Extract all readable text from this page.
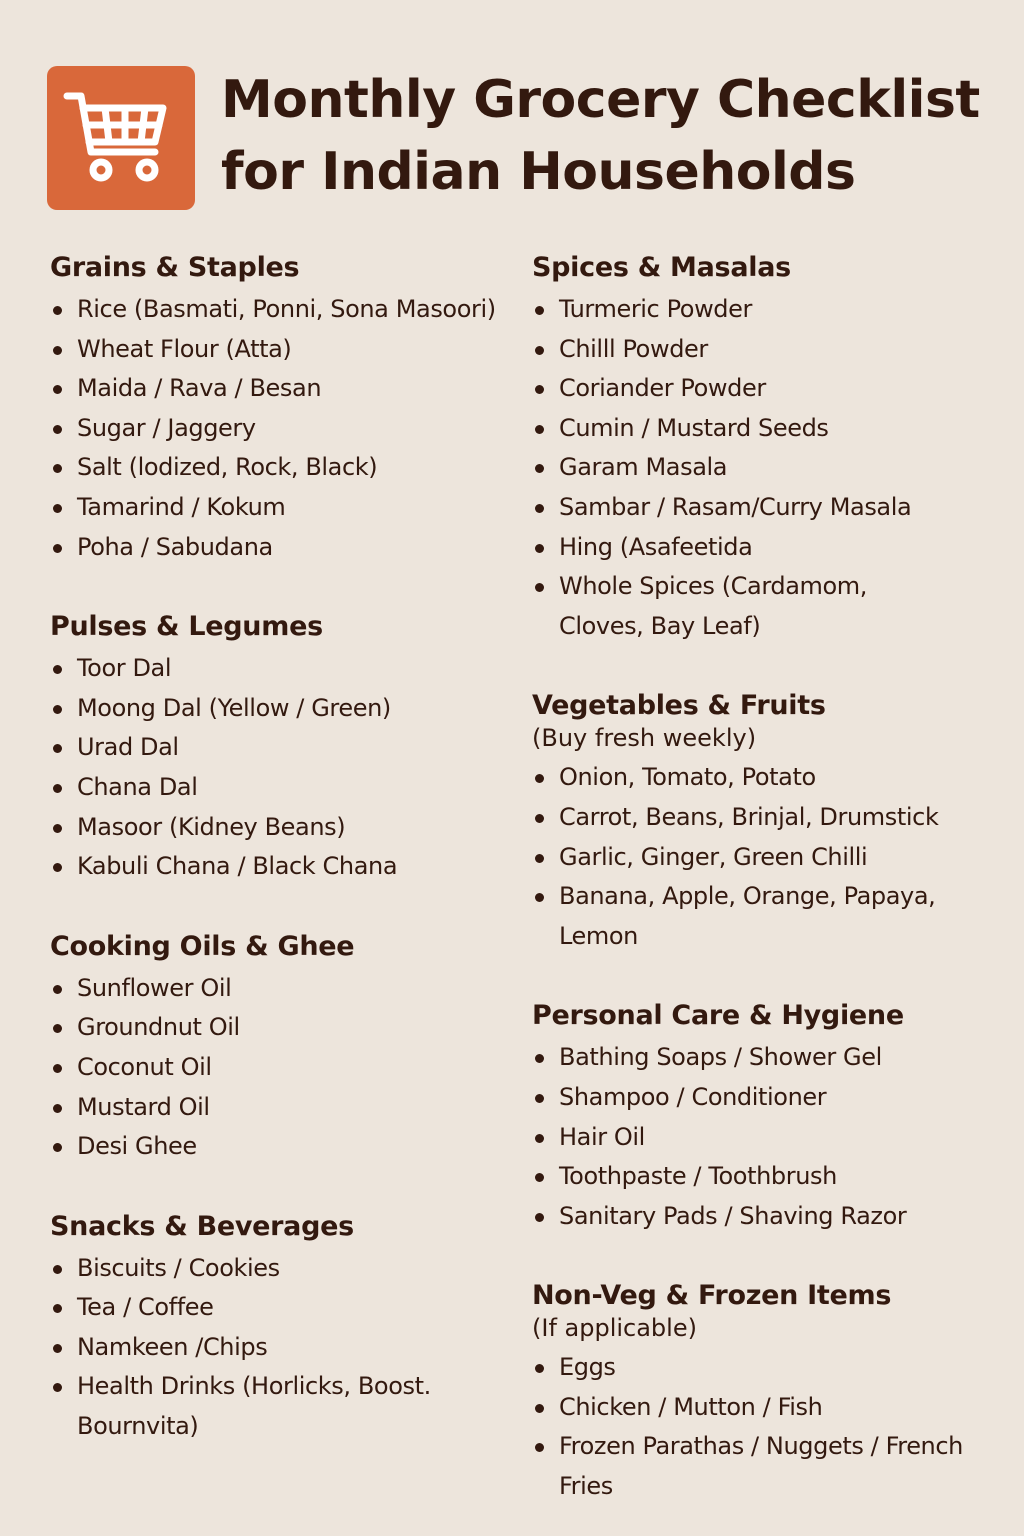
Monthly Grocery Checklist
for Indian Households
Grains & Staples
Rice (Basmati, Ponni, Sona Masoori)
Wheat Flour (Atta)
Maida / Rava / Besan
Sugar / Jaggery
Salt (lodized, Rock, Black)
Tamarind / Kokum
Poha / Sabudana
Pulses & Legumes
Toor Dal
Moong Dal (Yellow / Green)
Urad Dal
Chana Dal
Masoor (Kidney Beans)
Kabuli Chana / Black Chana
Cooking Oils & Ghee
Sunflower Oil
Groundnut Oil
Coconut Oil
Mustard Oil
Desi Ghee
Snacks & Beverages
Biscuits / Cookies
Tea / Coffee
Namkeen /Chips
Health Drinks (Horlicks, Boost. Bournvita)
Spices & Masalas
Turmeric Powder
Chilll Powder
Coriander Powder
Cumin / Mustard Seeds
Garam Masala
Sambar / Rasam/Curry Masala
Hing (Asafeetida
Whole Spices (Cardamom, Cloves, Bay Leaf)
Vegetables & Fruits
(Buy fresh weekly)
Onion, Tomato, Potato
Carrot, Beans, Brinjal, Drumstick
Garlic, Ginger, Green Chilli
Banana, Apple, Orange, Papaya, Lemon
Personal Care & Hygiene
Bathing Soaps / Shower Gel
Shampoo / Conditioner
Hair Oil
Toothpaste / Toothbrush
Sanitary Pads / Shaving Razor
Non-Veg & Frozen Items
(If applicable)
Eggs
Chicken / Mutton / Fish
Frozen Parathas / Nuggets / French Fries
